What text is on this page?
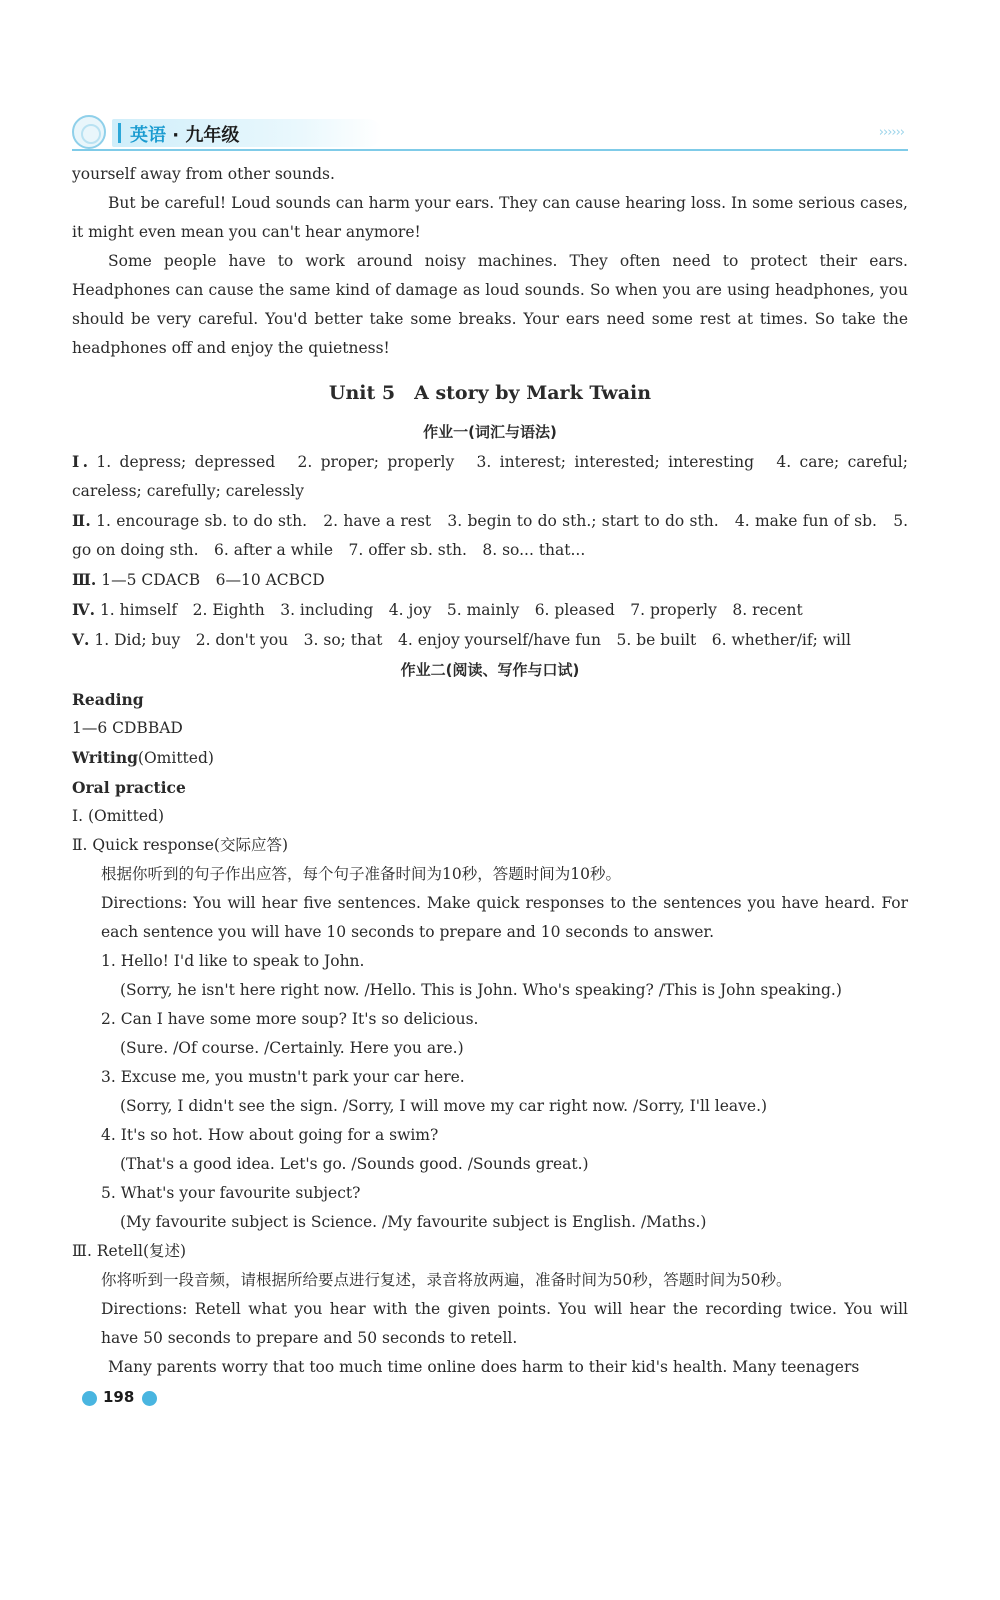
英语 · 九年级	››››››

yourself away from other sounds.

But be careful! Loud sounds can harm your ears. They can cause hearing loss. In some serious cases, it might even mean you can't hear anymore!

Some people have to work around noisy machines. They often need to protect their ears. Headphones can cause the same kind of damage as loud sounds. So when you are using headphones, you should be very careful. You'd better take some breaks. Your ears need some rest at times. So take the headphones off and enjoy the quietness!

Unit 5　A story by Mark Twain
作业一(词汇与语法)

Ⅰ. 1. depress; depressed　2. proper; properly　3. interest; interested; interesting　4. care; careful; careless; carefully; carelessly

Ⅱ. 1. encourage sb. to do sth.　2. have a rest　3. begin to do sth.; start to do sth.　4. make fun of sb.　5. go on doing sth.　6. after a while　7. offer sb. sth.　8. so... that...

Ⅲ. 1—5 CDACB　6—10 ACBCD

Ⅳ. 1. himself　2. Eighth　3. including　4. joy　5. mainly　6. pleased　7. properly　8. recent

Ⅴ. 1. Did; buy　2. don't you　3. so; that　4. enjoy yourself/have fun　5. be built　6. whether/if; will

作业二(阅读、写作与口试)

Reading

1—6 CDBBAD

Writing(Omitted)

Oral practice

Ⅰ. (Omitted)

Ⅱ. Quick response(交际应答)

根据你听到的句子作出应答，每个句子准备时间为10秒，答题时间为10秒。

Directions: You will hear five sentences. Make quick responses to the sentences you have heard. For each sentence you will have 10 seconds to prepare and 10 seconds to answer.

1. Hello! I'd like to speak to John.

(Sorry, he isn't here right now. /Hello. This is John. Who's speaking? /This is John speaking.)

2. Can I have some more soup? It's so delicious.

(Sure. /Of course. /Certainly. Here you are.)

3. Excuse me, you mustn't park your car here.

(Sorry, I didn't see the sign. /Sorry, I will move my car right now. /Sorry, I'll leave.)

4. It's so hot. How about going for a swim?

(That's a good idea. Let's go. /Sounds good. /Sounds great.)

5. What's your favourite subject?

(My favourite subject is Science. /My favourite subject is English. /Maths.)

Ⅲ. Retell(复述)

你将听到一段音频，请根据所给要点进行复述，录音将放两遍，准备时间为50秒，答题时间为50秒。

Directions: Retell what you hear with the given points. You will hear the recording twice. You will have 50 seconds to prepare and 50 seconds to retell.

Many parents worry that too much time online does harm to their kid's health. Many teenagers

198
